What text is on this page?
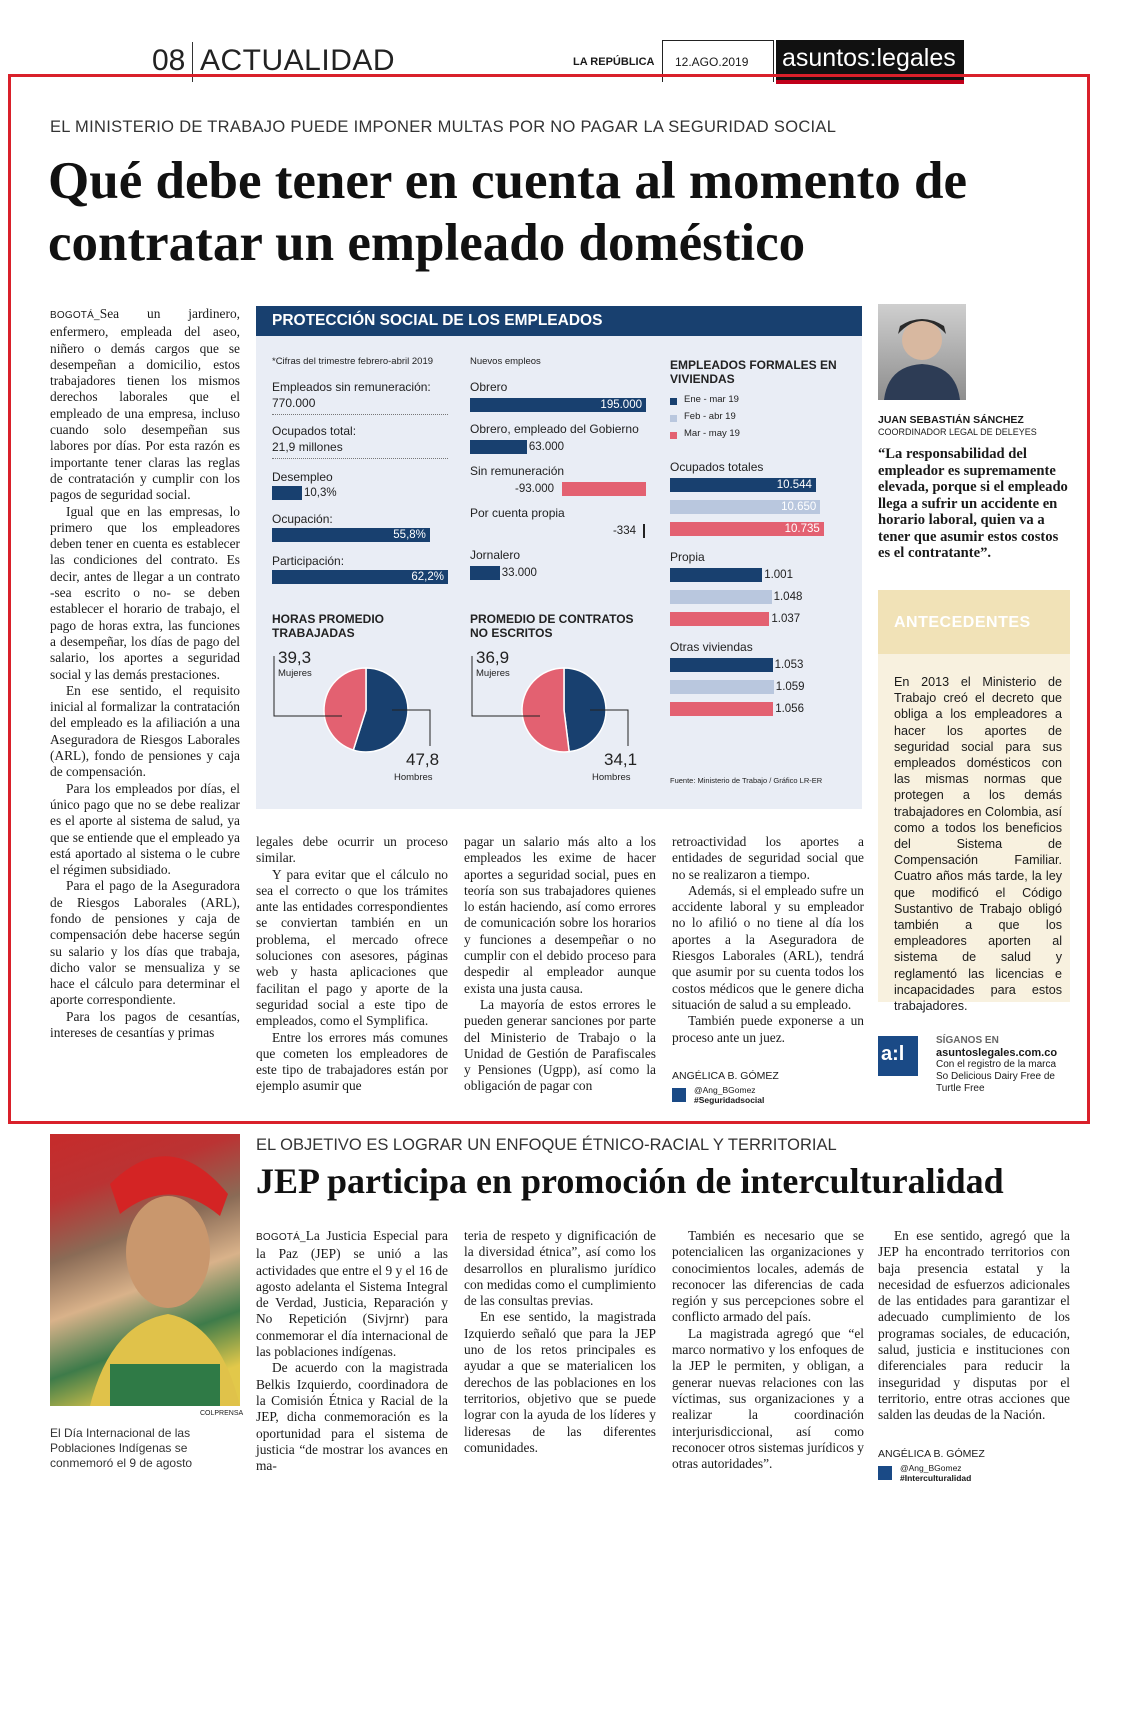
08 ACTUALIDAD	LA REPÚBLICA	12.AGO.2019	asuntos:legales
EL MINISTERIO DE TRABAJO PUEDE IMPONER MULTAS POR NO PAGAR LA SEGURIDAD SOCIAL
Qué debe tener en cuenta al momento de contratar un empleado doméstico

BOGOTÁ_Sea un jardinero, enfermero, empleada del aseo, niñero o demás cargos que se desempeñan a domicilio, estos trabajadores tienen los mismos derechos laborales que el empleado de una empresa, incluso cuando solo desempeñan sus labores por días. Por esta razón es importante tener claras las reglas de contratación y cumplir con los pagos de seguridad social.

Igual que en las empresas, lo primero que los empleadores deben tener en cuenta es establecer las condiciones del contrato. Es decir, antes de llegar a un contrato -sea escrito o no- se deben establecer el horario de trabajo, el pago de horas extra, las funciones a desempeñar, los días de pago del salario, los aportes a seguridad social y las demás prestaciones.

En ese sentido, el requisito inicial al formalizar la contratación del empleado es la afiliación a una Aseguradora de Riesgos Laborales (ARL), fondo de pensiones y caja de compensación.

Para los empleados por días, el único pago que no se debe realizar es el aporte al sistema de salud, ya que se entiende que el empleado ya está aportado al sistema o le cubre el régimen subsidiado.

Para el pago de la Aseguradora de Riesgos Laborales (ARL), fondo de pensiones y caja de compensación debe hacerse según su salario y los días que trabaja, dicho valor se mensualiza y se hace el cálculo para determinar el aporte correspondiente.

Para los pagos de cesantías, intereses de cesantías y primas

legales debe ocurrir un proceso similar.

Y para evitar que el cálculo no sea el correcto o que los trámites ante las entidades correspondientes se conviertan también en un problema, el mercado ofrece soluciones con asesores, páginas web y hasta aplicaciones que facilitan el pago y aporte de la seguridad social a este tipo de empleados, como el Symplifica.

Entre los errores más comunes que cometen los empleadores de este tipo de trabajadores están por ejemplo asumir que

pagar un salario más alto a los empleados les exime de hacer aportes a seguridad social, pues en teoría son sus trabajadores quienes lo están haciendo, así como errores de comunicación sobre los horarios y funciones a desempeñar o no cumplir con el debido proceso para despedir al empleador aunque exista una justa causa.

La mayoría de estos errores le pueden generar sanciones por parte del Ministerio de Trabajo o la Unidad de Gestión de Parafiscales y Pensiones (Ugpp), así como la obligación de pagar con

retroactividad los aportes a entidades de seguridad social que no se realizaron a tiempo.

Además, si el empleado sufre un accidente laboral y su empleador no lo afilió o no tiene al día los aportes a la Aseguradora de Riesgos Laborales (ARL), tendrá que asumir por su cuenta todos los costos médicos que le genere dicha situación de salud a su empleado.

También puede exponerse a un proceso ante un juez.

ANGÉLICA B. GÓMEZ

@Ang_BGomez
#Seguridadsocial
PROTECCIÓN SOCIAL DE LOS EMPLEADOS
*Cifras del trimestre febrero-abril 2019
Empleados sin remuneración:
770.000
Ocupados total:
21,9 millones
Nuevos empleos	EMPLEADOS FORMALES EN VIVIENDAS
HORAS PROMEDIO TRABAJADAS
PROMEDIO DE CONTRATOS NO ESCRITOS
39,3
Mujeres
47,8
Hombres
36,9
Mujeres
34,1
Hombres	Fuente: Ministerio de Trabajo / Gráfico LR-ER
Desempleo
10,3%
Ocupación:
55,8%
Participación:
62,2%
Obrero
195.000
Obrero, empleado del Gobierno
63.000
Sin remuneración
-93.000
Por cuenta propia
-334
Jornalero
33.000
Ene - mar 19
Feb - abr 19
Mar - may 19
Ocupados totales
10.544
10.650
10.735
Propia
1.001
1.048
1.037
Otras viviendas
1.053
1.059
1.056
JUAN SEBASTIÁN SÁNCHEZ
COORDINADOR LEGAL DE DELEYES
“La responsabilidad del empleador es supremamente elevada, porque si el empleado llega a sufrir un accidente en horario laboral, quien va a tener que asumir estos costos es el contratante”.
ANTECEDENTES
En 2013 el Ministerio de Trabajo creó el decreto que obliga a los empleadores a hacer los aportes de seguridad social para sus empleados domésticos con las mismas normas que protegen a los demás trabajadores en Colombia, así como a todos los beneficios del Sistema de Compensación Familiar. Cuatro años más tarde, la ley que modificó el Código Sustantivo de Trabajo obligó también a que los empleadores aporten al sistema de salud y reglamentó las licencias e incapacidades para estos trabajadores.
a:l
SÍGANOS EN
asuntoslegales.com.co
Con el registro de la marca
So Delicious Dairy Free de
Turtle Free
COLPRENSA
El Día Internacional de las Poblaciones Indígenas se conmemoró el 9 de agosto
EL OBJETIVO ES LOGRAR UN ENFOQUE ÉTNICO-RACIAL Y TERRITORIAL
JEP participa en promoción de interculturalidad

BOGOTÁ_La Justicia Especial para la Paz (JEP) se unió a las actividades que entre el 9 y el 16 de agosto adelanta el Sistema Integral de Verdad, Justicia, Reparación y No Repetición (Sivjrnr) para conmemorar el día internacional de las poblaciones indígenas.

De acuerdo con la magistrada Belkis Izquierdo, coordinadora de la Comisión Étnica y Racial de la JEP, dicha conmemoración es la oportunidad para el sistema de justicia “de mostrar los avances en ma-

teria de respeto y dignificación de la diversidad étnica”, así como los desarrollos en pluralismo jurídico con medidas como el cumplimiento de las consultas previas.

En ese sentido, la magistrada Izquierdo señaló que para la JEP uno de los retos principales es ayudar a que se materialicen los derechos de las poblaciones en los territorios, objetivo que se puede lograr con la ayuda de los líderes y lideresas de las diferentes comunidades.

También es necesario que se potencialicen las organizaciones y conocimientos locales, además de reconocer las diferencias de cada región y sus percepciones sobre el conflicto armado del país.

La magistrada agregó que “el marco normativo y los enfoques de la JEP le permiten, y obligan, a generar nuevas relaciones con las víctimas, sus organizaciones y a realizar la coordinación interjurisdiccional, así como reconocer otros sistemas jurídicos y otras autoridades”.

En ese sentido, agregó que la JEP ha encontrado territorios con baja presencia estatal y la necesidad de esfuerzos adicionales de las entidades para garantizar el adecuado cumplimiento de los programas sociales, de educación, salud, justicia e instituciones con diferenciales para reducir la inseguridad y disputas por el territorio, entre otras acciones que salden las deudas de la Nación.

ANGÉLICA B. GÓMEZ

@Ang_BGomez
#Interculturalidad
